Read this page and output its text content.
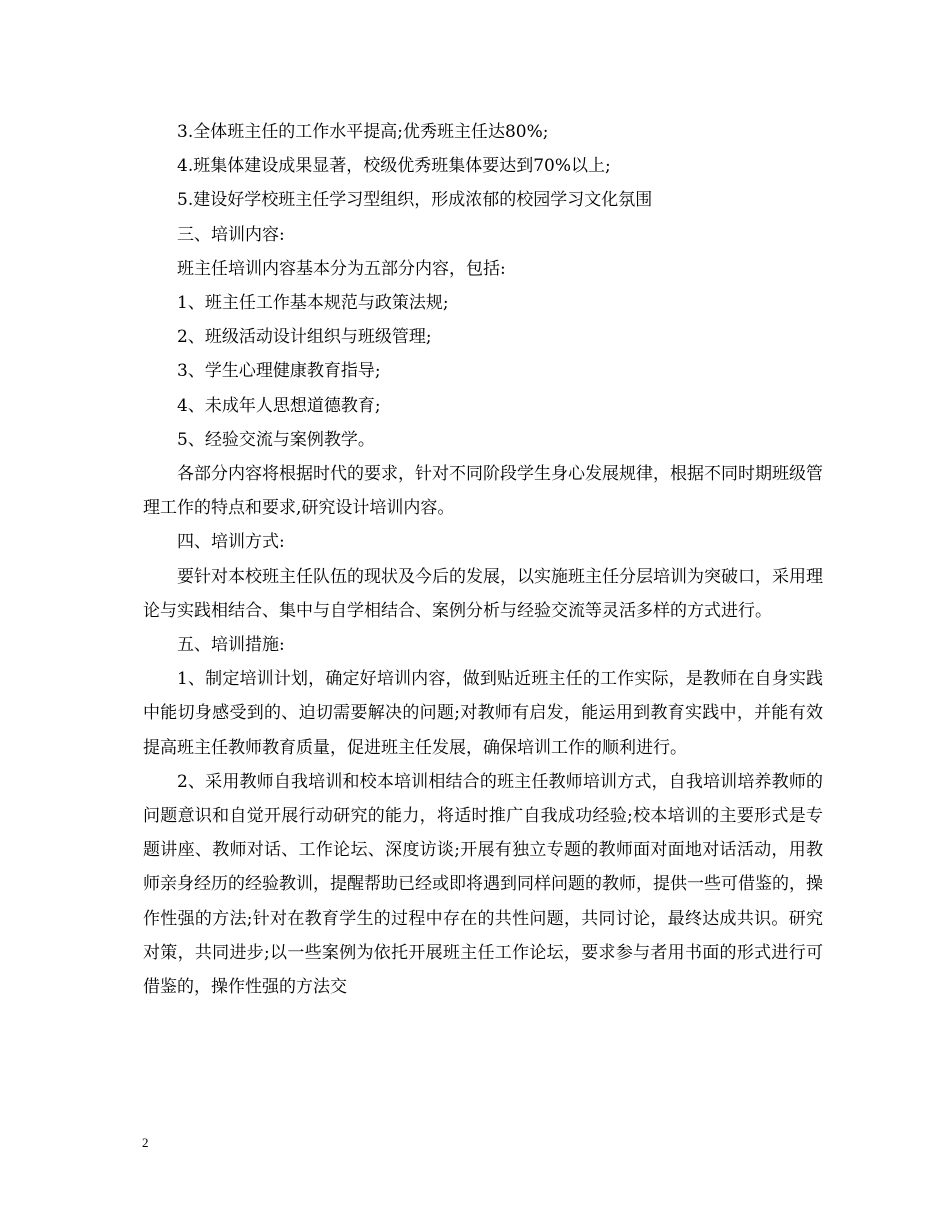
3.全体班主任的工作水平提高;优秀班主任达80%;

4.班集体建设成果显著，校级优秀班集体要达到70%以上;

5.建设好学校班主任学习型组织，形成浓郁的校园学习文化氛围

三、培训内容:

班主任培训内容基本分为五部分内容，包括:

1、班主任工作基本规范与政策法规;

2、班级活动设计组织与班级管理;

3、学生心理健康教育指导;

4、未成年人思想道德教育;

5、经验交流与案例教学。

各部分内容将根据时代的要求，针对不同阶段学生身心发展规律，根据不同时期班级管理工作的特点和要求,研究设计培训内容。

四、培训方式:

要针对本校班主任队伍的现状及今后的发展，以实施班主任分层培训为突破口，采用理论与实践相结合、集中与自学相结合、案例分析与经验交流等灵活多样的方式进行。

五、培训措施:

1、制定培训计划，确定好培训内容，做到贴近班主任的工作实际，是教师在自身实践中能切身感受到的、迫切需要解决的问题;对教师有启发，能运用到教育实践中，并能有效提高班主任教师教育质量，促进班主任发展，确保培训工作的顺利进行。

2、采用教师自我培训和校本培训相结合的班主任教师培训方式，自我培训培养教师的问题意识和自觉开展行动研究的能力，将适时推广自我成功经验;校本培训的主要形式是专题讲座、教师对话、工作论坛、深度访谈;开展有独立专题的教师面对面地对话活动，用教师亲身经历的经验教训，提醒帮助已经或即将遇到同样问题的教师，提供一些可借鉴的，操作性强的方法;针对在教育学生的过程中存在的共性问题，共同讨论，最终达成共识。研究对策，共同进步;以一些案例为依托开展班主任工作论坛，要求参与者用书面的形式进行可借鉴的，操作性强的方法交

2
